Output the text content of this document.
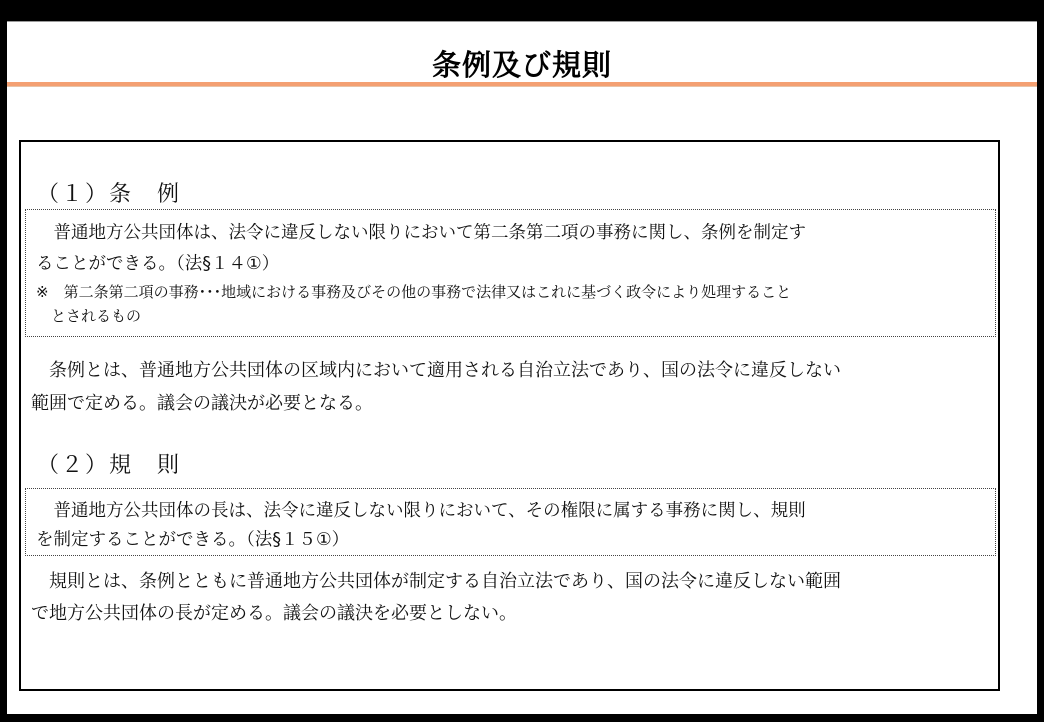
条例及び規則
（１）条　例
　普通地方公共団体は、法令に違反しない限りにおいて第二条第二項の事務に関し、条例を制定す
ることができる。（法§１４①）
※　第二条第二項の事務･･･地域における事務及びその他の事務で法律又はこれに基づく政令により処理すること
　とされるもの
　条例とは、普通地方公共団体の区域内において適用される自治立法であり、国の法令に違反しない
範囲で定める。議会の議決が必要となる。
（２）規　則
　普通地方公共団体の長は、法令に違反しない限りにおいて、その権限に属する事務に関し、規則
を制定することができる。（法§１５①）
　規則とは、条例とともに普通地方公共団体が制定する自治立法であり、国の法令に違反しない範囲
で地方公共団体の長が定める。議会の議決を必要としない。
